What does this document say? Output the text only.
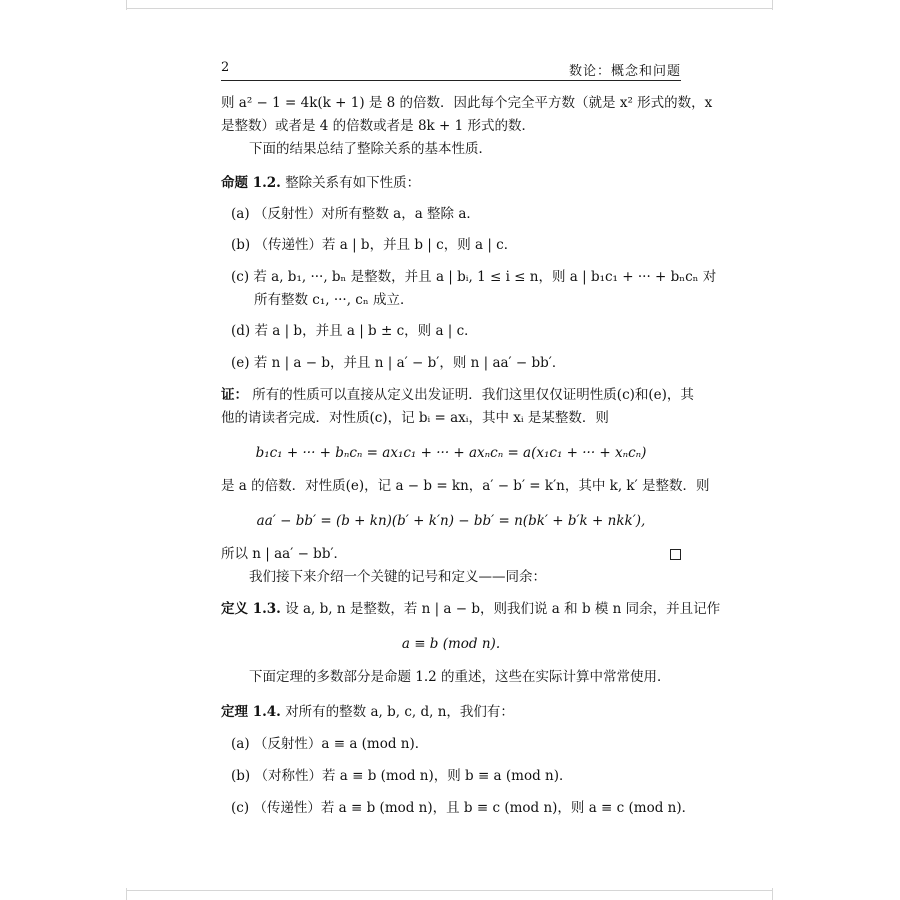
2	数论：概念和问题
则 a² − 1 = 4k(k + 1) 是 8 的倍数．因此每个完全平方数（就是 x² 形式的数，x
是整数）或者是 4 的倍数或者是 8k + 1 形式的数．
下面的结果总结了整除关系的基本性质．
命题 1.2. 整除关系有如下性质：
(a) （反射性）对所有整数 a，a 整除 a．
(b) （传递性）若 a | b，并且 b | c，则 a | c．
(c) 若 a, b₁, ···, bₙ 是整数，并且 a | bᵢ, 1 ≤ i ≤ n，则 a | b₁c₁ + ··· + bₙcₙ 对
所有整数 c₁, ···, cₙ 成立．
(d) 若 a | b，并且 a | b ± c，则 a | c．
(e) 若 n | a − b，并且 n | a′ − b′，则 n | aa′ − bb′．
证： 所有的性质可以直接从定义出发证明．我们这里仅仅证明性质(c)和(e)，其
他的请读者完成．对性质(c)，记 bᵢ = axᵢ，其中 xᵢ 是某整数．则
b₁c₁ + ··· + bₙcₙ = ax₁c₁ + ··· + axₙcₙ = a(x₁c₁ + ··· + xₙcₙ)
是 a 的倍数．对性质(e)，记 a − b = kn，a′ − b′ = k′n，其中 k, k′ 是整数．则
aa′ − bb′ = (b + kn)(b′ + k′n) − bb′ = n(bk′ + b′k + nkk′),
所以 n | aa′ − bb′．
我们接下来介绍一个关键的记号和定义——同余：
定义 1.3. 设 a, b, n 是整数，若 n | a − b，则我们说 a 和 b 模 n 同余，并且记作
a ≡ b (mod n).
下面定理的多数部分是命题 1.2 的重述，这些在实际计算中常常使用．
定理 1.4. 对所有的整数 a, b, c, d, n，我们有：
(a) （反射性）a ≡ a (mod n)．
(b) （对称性）若 a ≡ b (mod n)，则 b ≡ a (mod n)．
(c) （传递性）若 a ≡ b (mod n)，且 b ≡ c (mod n)，则 a ≡ c (mod n)．
